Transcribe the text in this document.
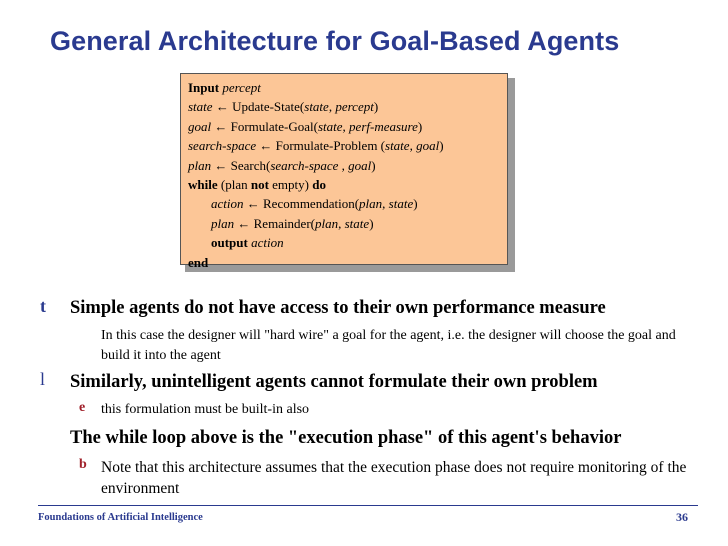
General Architecture for Goal-Based Agents
Input percept
state ← Update-State(state, percept)
goal ← Formulate-Goal(state, perf-measure)
search-space ← Formulate-Problem (state, goal)
plan ← Search(search-space , goal)
while (plan not empty) do
action ← Recommendation(plan, state)
plan ← Remainder(plan, state)
output action
end
t Simple agents do not have access to their own performance measure
In this case the designer will "hard wire" a goal for the agent, i.e. the designer will choose the goal and build it into the agent
l Similarly, unintelligent agents cannot formulate their own problem
e this formulation must be built-in also
The while loop above is the "execution phase" of this agent's behavior
b Note that this architecture assumes that the execution phase does not require monitoring of the environment
Foundations of Artificial Intelligence	36
